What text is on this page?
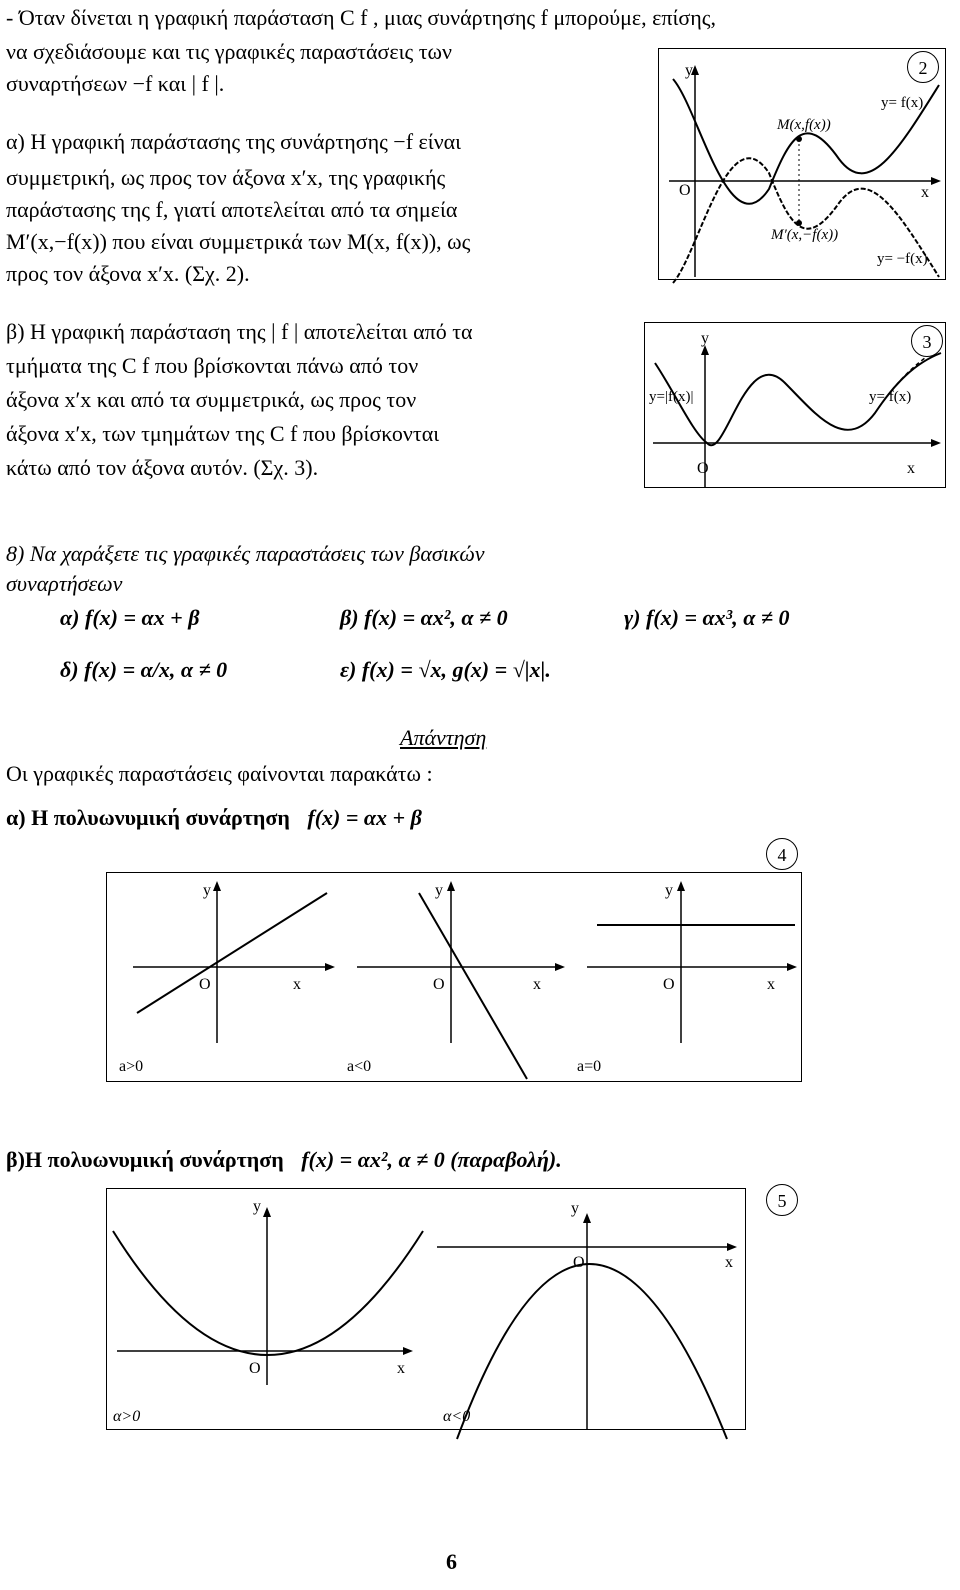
- Όταν δίνεται η γραφική παράσταση C f , μιας συνάρτησης f μπορούμε, επίσης,
να σχεδιάσουμε και τις γραφικές παραστάσεις των
συναρτήσεων −f και | f |.
α) Η γραφική παράστασης της συνάρτησης −f είναι
συμμετρική, ως προς τον άξονα x′x, της γραφικής
παράστασης της f, γιατί αποτελείται από τα σημεία
M′(x,−f(x)) που είναι συμμετρικά των M(x, f(x)), ως
προς τον άξονα x′x. (Σχ. 2).
y
x
O
M(x,f(x))
M′(x,−f(x))
y= f(x)
y= −f(x)
2
β) Η γραφική παράσταση της | f | αποτελείται από τα
τμήματα της C f που βρίσκονται πάνω από τον
άξονα x′x και από τα συμμετρικά, ως προς τον
άξονα x′x, των τμημάτων της C f που βρίσκονται
κάτω από τον άξονα αυτόν. (Σχ. 3).
y
x
O
y=|f(x)|	y= f(x)
3
8) Να χαράξετε τις γραφικές παραστάσεις των βασικών
συναρτήσεων
α) f(x) = αx + β	β) f(x) = αx², α ≠ 0	γ) f(x) = αx³, α ≠ 0
δ) f(x) = α/x, α ≠ 0	ε) f(x) = √x, g(x) = √|x|.
Απάντηση
Οι γραφικές παραστάσεις φαίνονται παρακάτω :
α) Η πολυωνυμική συνάρτηση f(x) = αx + β
4
y
O	x
a>0
y
O	x
a<0
y
O	x
a=0
β)Η πολυωνυμική συνάρτηση f(x) = αx², α ≠ 0 (παραβολή).
5
y
O	x
α>0
y
O	x
α<0
6
